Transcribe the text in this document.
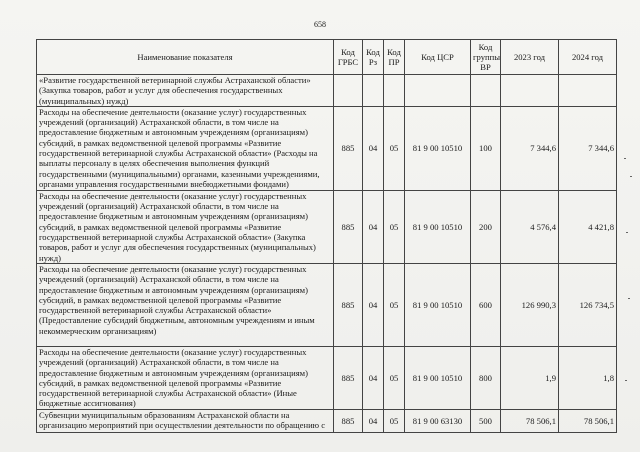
658
Наименование показателя	Код ГРБС	Код Рз	Код ПР	Код ЦСР	Код группы ВР	2023 год	2024 год
«Развитие государственной ветеринарной службы Астраханской области» (Закупка товаров, работ и услуг для обеспечения государственных (муниципальных) нужд)							
Расходы на обеспечение деятельности (оказание услуг) государственных учреждений (организаций) Астраханской области, в том числе на предоставление бюджетным и автономным учреждениям (организациям) субсидий, в рамках ведомственной целевой программы «Развитие государственной ветеринарной службы Астраханской области» (Расходы на выплаты персоналу в целях обеспечения выполнения функций государственными (муниципальными) органами, казенными учреждениями, органами управления государственными внебюджетными фондами)	885	04	05	81 9 00 10510	100	7 344,6	7 344,6
Расходы на обеспечение деятельности (оказание услуг) государственных учреждений (организаций) Астраханской области, в том числе на предоставление бюджетным и автономным учреждениям (организациям) субсидий, в рамках ведомственной целевой программы «Развитие государственной ветеринарной службы Астраханской области» (Закупка товаров, работ и услуг для обеспечения государственных (муниципальных) нужд)	885	04	05	81 9 00 10510	200	4 576,4	4 421,8
Расходы на обеспечение деятельности (оказание услуг) государственных учреждений (организаций) Астраханской области, в том числе на предоставление бюджетным и автономным учреждениям (организациям) субсидий, в рамках ведомственной целевой программы «Развитие государственной ветеринарной службы Астраханской области» (Предоставление субсидий бюджетным, автономным учреждениям и иным некоммерческим организациям)	885	04	05	81 9 00 10510	600	126 990,3	126 734,5
Расходы на обеспечение деятельности (оказание услуг) государственных учреждений (организаций) Астраханской области, в том числе на предоставление бюджетным и автономным учреждениям (организациям) субсидий, в рамках ведомственной целевой программы «Развитие государственной ветеринарной службы Астраханской области» (Иные бюджетные ассигнования)	885	04	05	81 9 00 10510	800	1,9	1,8
Субвенции муниципальным образованиям Астраханской области на организацию мероприятий при осуществлении деятельности по обращению с	885	04	05	81 9 00 63130	500	78 506,1	78 506,1
